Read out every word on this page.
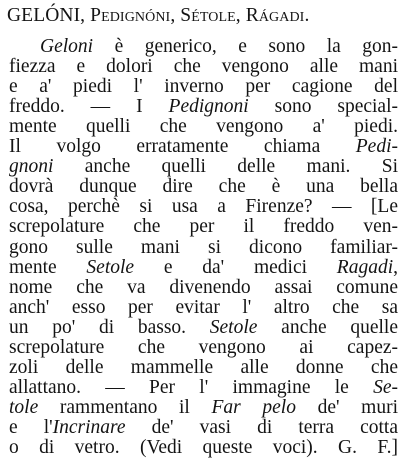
GELÓNI, Pedignóni, Sétole, Rágadi.
Geloni è generico, e sono la gon-
fiezza e dolori che vengono alle mani
e a' piedi l' inverno per cagione del
freddo. — I Pedignoni sono special-
mente quelli che vengono a' piedi.
Il volgo erratamente chiama Pedi-
gnoni anche quelli delle mani. Si
dovrà dunque dire che è una bella
cosa, perchè si usa a Firenze? — [Le
screpolature che per il freddo ven-
gono sulle mani si dicono familiar-
mente Setole e da' medici Ragadi,
nome che va divenendo assai comune
anch' esso per evitar l' altro che sa
un po' di basso. Setole anche quelle
screpolature che vengono ai capez-
zoli delle mammelle alle donne che
allattano. — Per l' immagine le Se-
tole rammentano il Far pelo de' muri
e l'Incrinare de' vasi di terra cotta
o di vetro. (Vedi queste voci). G. F.]
